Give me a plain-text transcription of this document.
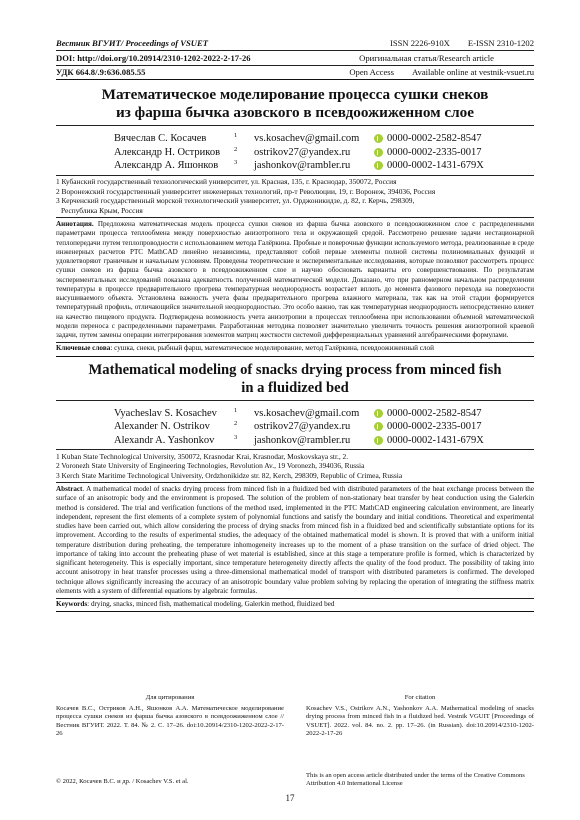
Вестник ВГУИТ/ Proceedings of VSUET	ISSN 2226-910X E-ISSN 2310-1202
DOI: http://doi.org/10.20914/2310-1202-2022-2-17-26	Оригинальная статья/Research article
УДК 664.8/.9:636.085.55	Open Access Available online at vestnik-vsuet.ru
Математическое моделирование процесса сушки снеков
из фарша бычка азовского в псевдоожиженном слое
Вячеслав С. Косачев	1	vs.kosachev@gmail.com	0000-0002-2582-8547
Александр Н. Остриков	2	ostrikov27@yandex.ru	0000-0002-2335-0017
Александр А. Яшонков	3	jashonkov@rambler.ru	0000-0002-1431-679X
1 Кубанский государственный технологический университет, ул. Красная, 135, г. Краснодар, 350072, Россия
2 Воронежский государственный университет инженерных технологий, пр-т Революции, 19, г. Воронеж, 394036, Россия
3 Керченский государственный морской технологический университет, ул. Орджоникидзе, д. 82, г. Керчь, 298309,
Республика Крым, Россия
Аннотация. Предложена математическая модель процесса сушки снеков из фарша бычка азовского в псевдоожиженном слое с распределенными параметрами процесса теплообмена между поверхностью анизотропного тела и окружающей средой. Рассмотрено решение задачи нестационарной теплопередачи путем теплопроводности с использованием метода Галёркина. Пробные и поверочные функции используемого метода, реализованные в среде инженерных расчетов PTC MathCAD линейно независимы, представляют собой первые элементы полной системы полиномиальных функций и удовлетворяют граничным и начальным условиям. Проведены теоретические и экспериментальные исследования, которые позволяют рассмотреть процесс сушки снеков из фарша бычка азовского в псевдоожиженном слое и научно обосновать варианты его совершенствования. По результатам экспериментальных исследований показана адекватность полученной математической модели. Доказано, что при равномерном начальном распределении температуры в процессе предварительного прогрева температурная неоднородность возрастает вплоть до момента фазового перехода на поверхности высушиваемого объекта. Установлена важность учета фазы предварительного прогрева влажного материала, так как на этой стадии формируется температурный профиль, отличающийся значительной неоднородностью. Это особо важно, так как температурная неоднородность непосредственно влияет на качество пищевого продукта. Подтверждена возможность учета анизотропии в процессах теплообмена при использовании объемной математической модели переноса с распределенными параметрами. Разработанная методика позволяет значительно увеличить точность решения анизотропной краевой задачи, путем замены операции интегрирования элементов матриц жесткости системой дифференциальных уравнений алгебраическими формулами.
Ключевые слова: сушка, снеки, рыбный фарш, математическое моделирование, метод Галёркина, псевдоожиженный слой
Mathematical modeling of snacks drying process from minced fish
in a fluidized bed
Vyacheslav S. Kosachev	1	vs.kosachev@gmail.com	0000-0002-2582-8547
Alexander N. Ostrikov	2	ostrikov27@yandex.ru	0000-0002-2335-0017
Alexandr A. Yashonkov	3	jashonkov@rambler.ru	0000-0002-1431-679X
1 Kuban State Technological University, 350072, Krasnodar Krai, Krasnodar, Moskovskaya str., 2.
2 Voronezh State University of Engineering Technologies, Revolution Av., 19 Voronezh, 394036, Russia
3 Kerch State Maritime Technological University, Ordzhonikidze str. 82, Kerch, 298309, Republic of Crimea, Russia
Abstract. A mathematical model of snacks drying process from minced fish in a fluidized bed with distributed parameters of the heat exchange process between the surface of an anisotropic body and the environment is proposed. The solution of the problem of non-stationary heat transfer by heat conduction using the Galerkin method is considered. The trial and verification functions of the method used, implemented in the PTC MathCAD engineering calculation environment, are linearly independent, represent the first elements of a complete system of polynomial functions and satisfy the boundary and initial conditions. Theoretical and experimental studies have been carried out, which allow considering the process of drying snacks from minced fish in a fluidized bed and scientifically substantiate options for its improvement. According to the results of experimental studies, the adequacy of the obtained mathematical model is shown. It is proved that with a uniform initial temperature distribution during preheating, the temperature inhomogeneity increases up to the moment of a phase transition on the surface of dried object. The importance of taking into account the preheating phase of wet material is established, since at this stage a temperature profile is formed, which is characterized by significant heterogeneity. This is especially important, since temperature heterogeneity directly affects the quality of the food product. The possibility of taking into account anisotropy in heat transfer processes using a three-dimensional mathematical model of transport with distributed parameters is confirmed. The developed technique allows significantly increasing the accuracy of an anisotropic boundary value problem solving by replacing the operation of integrating the stiffness matrix elements with a system of differential equations by algebraic formulas.
Keywords: drying, snacks, minced fish, mathematical modeling, Galerkin method, fluidized bed
Для цитирования

Косачев В.С., Остриков А.Н., Яшонков А.А. Математическое моделирование процесса сушки снеков из фарша бычка азовского в псевдоожиженном слое // Вестник ВГУИТ. 2022. Т. 84. № 2. С. 17–26. doi:10.20914/2310-1202-2022-2-17-26

For citation

Kosachev V.S., Ostrikov A.N., Yashonkov A.A. Mathematical modeling of snacks drying process from minced fish in a fluidized bed. Vestnik VGUIT [Proceedings of VSUET]. 2022. vol. 84. no. 2. pp. 17–26. (in Russian). doi:10.20914/2310-1202-2022-2-17-26

© 2022, Косачев В.С. и др. / Kosachev V.S. et al.
This is an open access article distributed under the terms of the Creative Commons Attribution 4.0 International License
17
